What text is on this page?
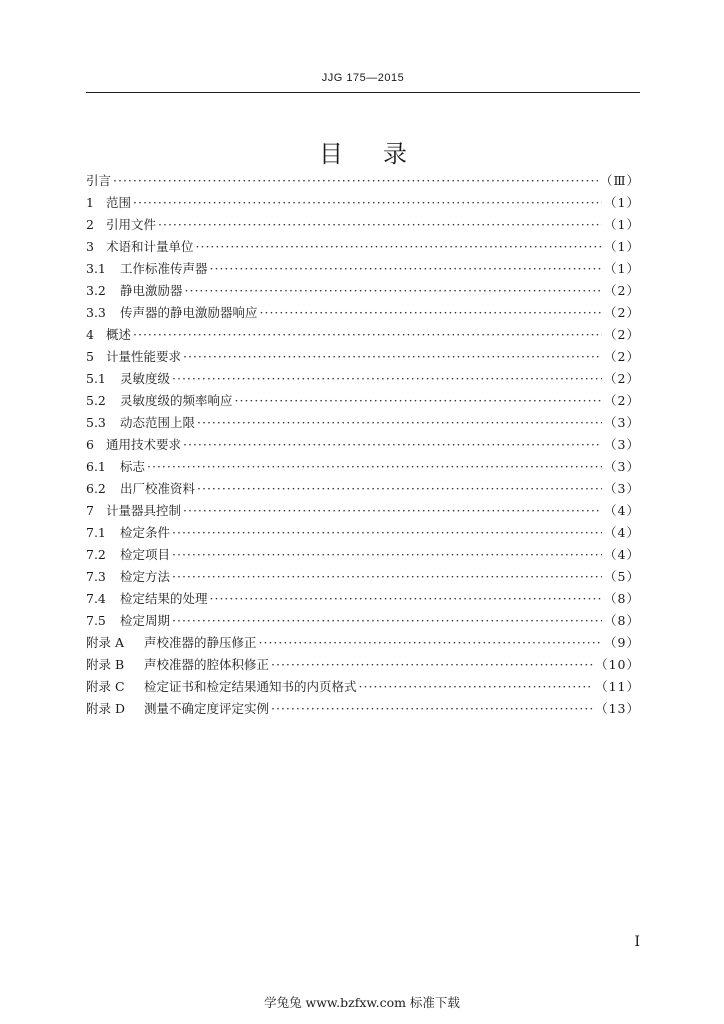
JJG 175—2015
目录
引言 ·····	（Ⅲ）
1 范围 ·····	（1）
2 引用文件 ·····	（1）
3 术语和计量单位 ·····	（1）
3.1	工作标准传声器 ·····	（1）
3.2	静电激励器 ·····	（2）
3.3	传声器的静电激励器响应 ·····	（2）
4 概述 ·····	（2）
5 计量性能要求 ·····	（2）
5.1	灵敏度级 ·····	（2）
5.2	灵敏度级的频率响应 ·····	（2）
5.3	动态范围上限 ·····	（3）
6 通用技术要求 ·····	（3）
6.1	标志 ·····	（3）
6.2	出厂校准资料 ·····	（3）
7 计量器具控制 ·····	（4）
7.1	检定条件 ·····	（4）
7.2	检定项目 ·····	（4）
7.3	检定方法 ·····	（5）
7.4	检定结果的处理 ·····	（8）
7.5	检定周期 ·····	（8）
附录 A	声校准器的静压修正 ·····	（9）
附录 B	声校准器的腔体积修正 ·····	（10）
附录 C	检定证书和检定结果通知书的内页格式 ·····	（11）
附录 D	测量不确定度评定实例 ·····	（13）
I
学兔兔 www.bzfxw.com 标准下载
